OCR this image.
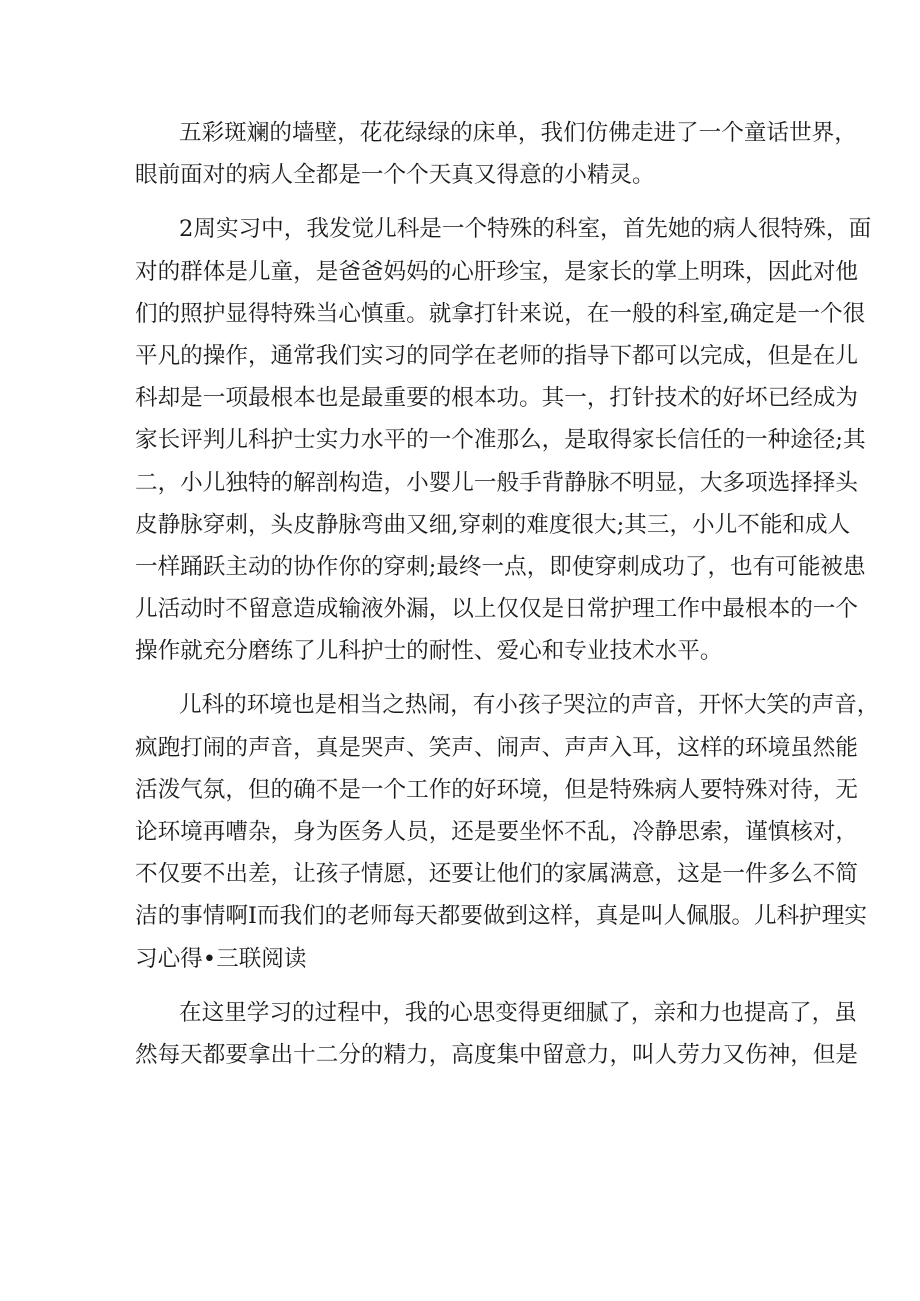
五彩斑斓的墙壁，花花绿绿的床单，我们仿佛走进了一个童话世界，
眼前面对的病人全都是一个个天真又得意的小精灵。
2周实习中，我发觉儿科是一个特殊的科室，首先她的病人很特殊，面
对的群体是儿童，是爸爸妈妈的心肝珍宝，是家长的掌上明珠，因此对他
们的照护显得特殊当心慎重。就拿打针来说，在一般的科室,确定是一个很
平凡的操作，通常我们实习的同学在老师的指导下都可以完成，但是在儿
科却是一项最根本也是最重要的根本功。其一，打针技术的好坏已经成为
家长评判儿科护士实力水平的一个准那么，是取得家长信任的一种途径;其
二，小儿独特的解剖构造，小婴儿一般手背静脉不明显，大多项选择择头
皮静脉穿刺，头皮静脉弯曲又细,穿刺的难度很大;其三，小儿不能和成人
一样踊跃主动的协作你的穿刺;最终一点，即使穿刺成功了，也有可能被患
儿活动时不留意造成输液外漏，以上仅仅是日常护理工作中最根本的一个
操作就充分磨练了儿科护士的耐性、爱心和专业技术水平。
儿科的环境也是相当之热闹，有小孩子哭泣的声音，开怀大笑的声音，
疯跑打闹的声音，真是哭声、笑声、闹声、声声入耳，这样的环境虽然能
活泼气氛，但的确不是一个工作的好环境，但是特殊病人要特殊对待，无
论环境再嘈杂，身为医务人员，还是要坐怀不乱，冷静思索，谨慎核对，
不仅要不出差，让孩子情愿，还要让他们的家属满意，这是一件多么不简
洁的事情啊I而我们的老师每天都要做到这样，真是叫人佩服。儿科护理实
习心得•三联阅读
在这里学习的过程中，我的心思变得更细腻了，亲和力也提高了，虽
然每天都要拿出十二分的精力，高度集中留意力，叫人劳力又伤神，但是
